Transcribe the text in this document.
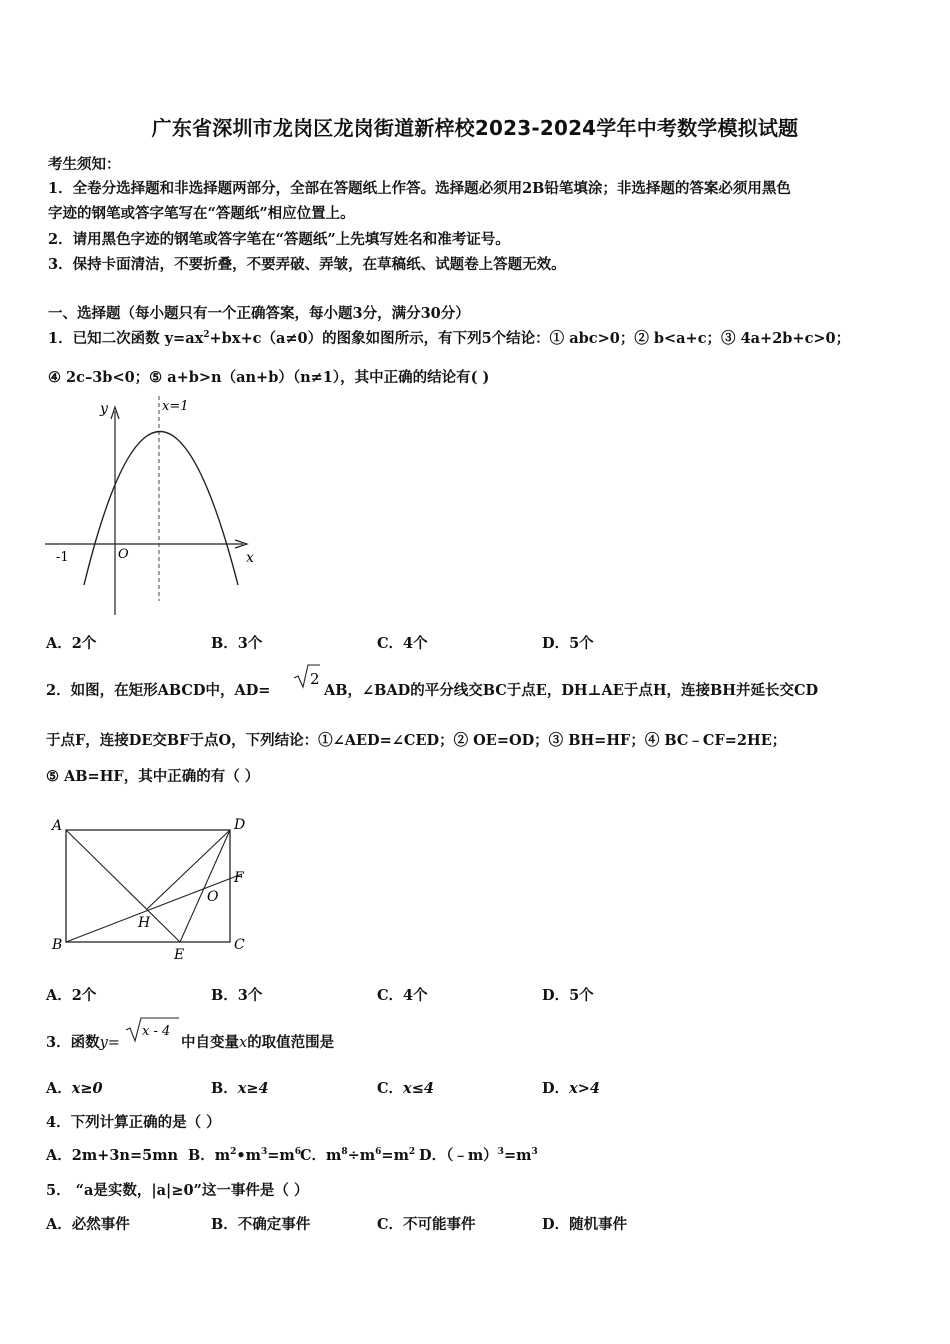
广东省深圳市龙岗区龙岗街道新梓校2023-2024学年中考数学模拟试题
考生须知：
1．全卷分选择题和非选择题两部分，全部在答题纸上作答。选择题必须用2B铅笔填涂；非选择题的答案必须用黑色
字迹的钢笔或答字笔写在“答题纸”相应位置上。
2．请用黑色字迹的钢笔或答字笔在“答题纸”上先填写姓名和准考证号。
3．保持卡面清洁，不要折叠，不要弄破、弄皱，在草稿纸、试题卷上答题无效。
一、选择题（每小题只有一个正确答案，每小题3分，满分30分）
1．已知二次函数 $y=ax^2+bx+c(a\ne 0)$的图象如图所示，有下列5个结论：① abc>0；② b<a+c；③ 4a+2b+c>0；
④ 2c–3b<0；⑤ a+b>n（an+b）（n≠1），其中正确的结论有( )
y	x=1
O
-1	x
A．2个	B．3个	C．4个	D．5个
2．如图，在矩形ABCD中，AD=
2
AB，∠BAD的平分线交BC于点E，DH⊥AE于点H，连接BH并延长交CD
于点F，连接DE交BF于点O，下列结论：①∠AED=∠CED；② OE=OD；③ BH=HF；④ BC﹣CF=2HE；
⑤ AB=HF，其中正确的有（ ）
A	D
F
O
H
B	C
E
A．2个	B．3个	C．4个	D．5个
3．函数y=
x - 4
中自变量x的取值范围是
A．x≥0	B．x≥4	C．x≤4	D．x>4
4．下列计算正确的是（ ）
A．2m+3n=5mn B．$m^2•m^3=m^6$
C．$m^8\div m^6=m^2$ D．$(﹣m)^3=m^3$
5． “a是实数，|a|≥0”这一事件是（ ）
A．必然事件	B．不确定事件	C．不可能事件	D．随机事件
